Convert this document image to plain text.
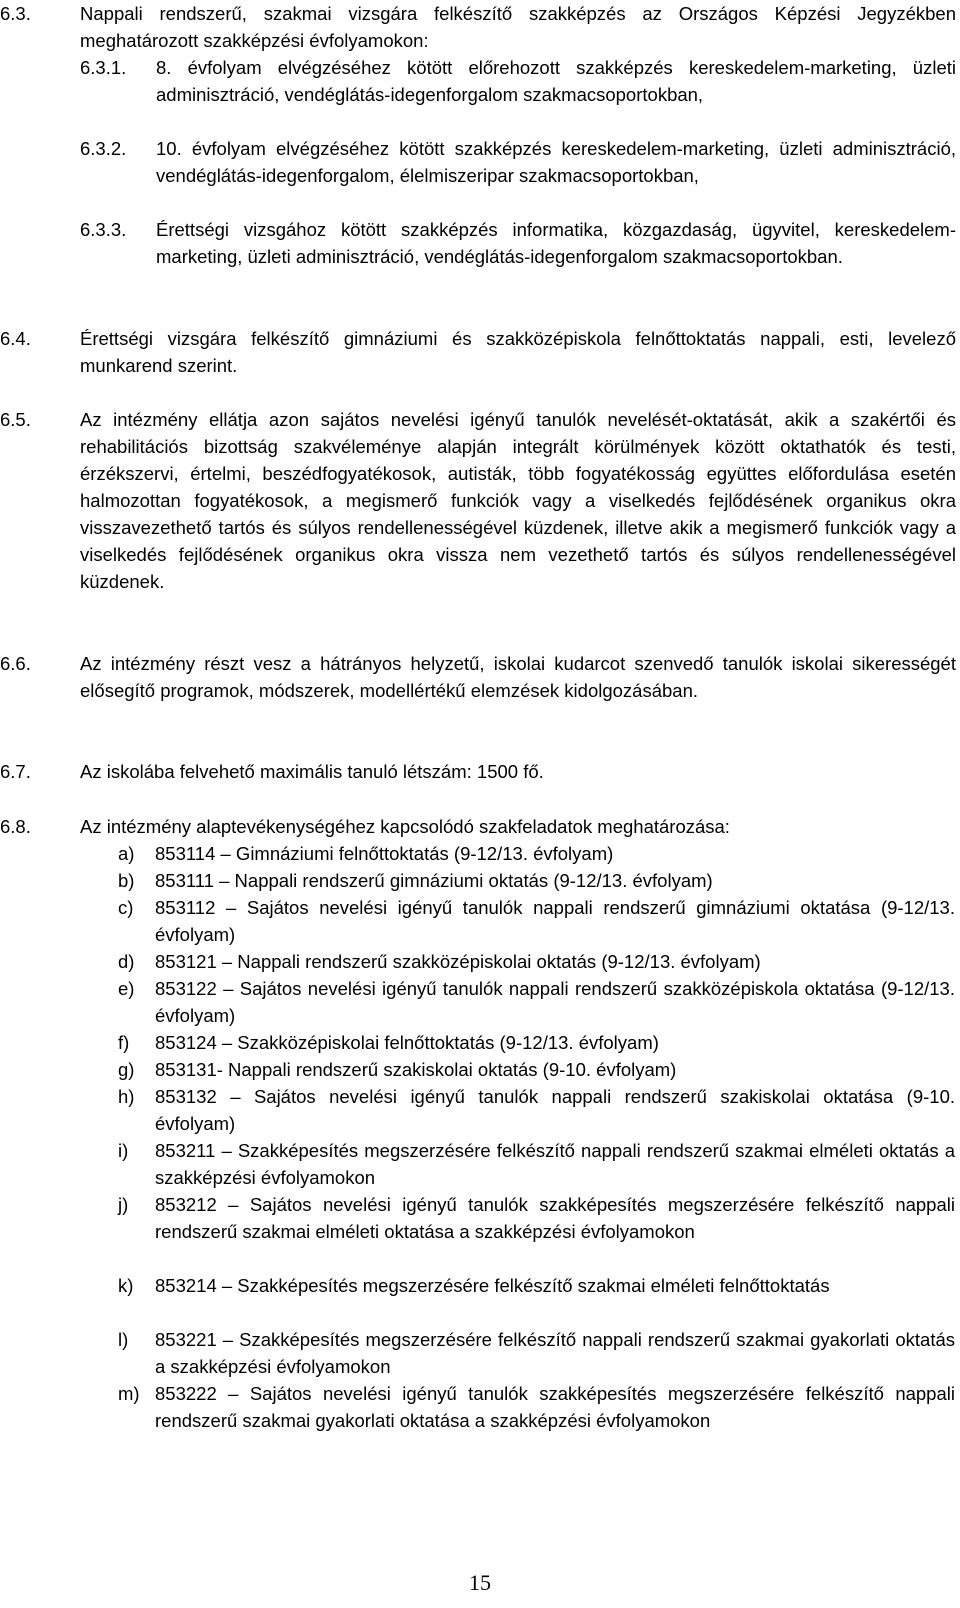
6.3.	Nappali rendszerű, szakmai vizsgára felkészítő szakképzés az Országos Képzési Jegyzékben meghatározott szakképzési évfolyamokon:
6.3.1.	8. évfolyam elvégzéséhez kötött előrehozott szakképzés kereskedelem-marketing, üzleti adminisztráció, vendéglátás-idegenforgalom szakmacsoportokban,
6.3.2.	10. évfolyam elvégzéséhez kötött szakképzés kereskedelem-marketing, üzleti adminisztráció, vendéglátás-idegenforgalom, élelmiszeripar szakmacsoportokban,
6.3.3.	Érettségi vizsgához kötött szakképzés informatika, közgazdaság, ügyvitel, kereskedelem-marketing, üzleti adminisztráció, vendéglátás-idegenforgalom szakmacsoportokban.
6.4.	Érettségi vizsgára felkészítő gimnáziumi és szakközépiskola felnőttoktatás nappali, esti, levelező munkarend szerint.
6.5.	Az intézmény ellátja azon sajátos nevelési igényű tanulók nevelését-oktatását, akik a szakértői és rehabilitációs bizottság szakvéleménye alapján integrált körülmények között oktathatók és testi, érzékszervi, értelmi, beszédfogyatékosok, autisták, több fogyatékosság együttes előfordulása esetén halmozottan fogyatékosok, a megismerő funkciók vagy a viselkedés fejlődésének organikus okra visszavezethető tartós és súlyos rendellenességével küzdenek, illetve akik a megismerő funkciók vagy a viselkedés fejlődésének organikus okra vissza nem vezethető tartós és súlyos rendellenességével küzdenek.
6.6.	Az intézmény részt vesz a hátrányos helyzetű, iskolai kudarcot szenvedő tanulók iskolai sikerességét elősegítő programok, módszerek, modellértékű elemzések kidolgozásában.
6.7.	Az iskolába felvehető maximális tanuló létszám: 1500 fő.
6.8.	Az intézmény alaptevékenységéhez kapcsolódó szakfeladatok meghatározása:
a)	853114 – Gimnáziumi felnőttoktatás (9-12/13. évfolyam)
b)	853111 – Nappali rendszerű gimnáziumi oktatás (9-12/13. évfolyam)
c)	853112 – Sajátos nevelési igényű tanulók nappali rendszerű gimnáziumi oktatása (9-12/13. évfolyam)
d)	853121 – Nappali rendszerű szakközépiskolai oktatás (9-12/13. évfolyam)
e)	853122 – Sajátos nevelési igényű tanulók nappali rendszerű szakközépiskola oktatása (9-12/13. évfolyam)
f)	853124 – Szakközépiskolai felnőttoktatás (9-12/13. évfolyam)
g)	853131- Nappali rendszerű szakiskolai oktatás (9-10. évfolyam)
h)	853132 – Sajátos nevelési igényű tanulók nappali rendszerű szakiskolai oktatása (9-10. évfolyam)
i)	853211 – Szakképesítés megszerzésére felkészítő nappali rendszerű szakmai elméleti oktatás a szakképzési évfolyamokon
j)	853212 – Sajátos nevelési igényű tanulók szakképesítés megszerzésére felkészítő nappali rendszerű szakmai elméleti oktatása a szakképzési évfolyamokon
k)	853214 – Szakképesítés megszerzésére felkészítő szakmai elméleti felnőttoktatás
l)	853221 – Szakképesítés megszerzésére felkészítő nappali rendszerű szakmai gyakorlati oktatás a szakképzési évfolyamokon
m) 853222 – Sajátos nevelési igényű tanulók szakképesítés megszerzésére felkészítő nappali rendszerű szakmai gyakorlati oktatása a szakképzési évfolyamokon
15
